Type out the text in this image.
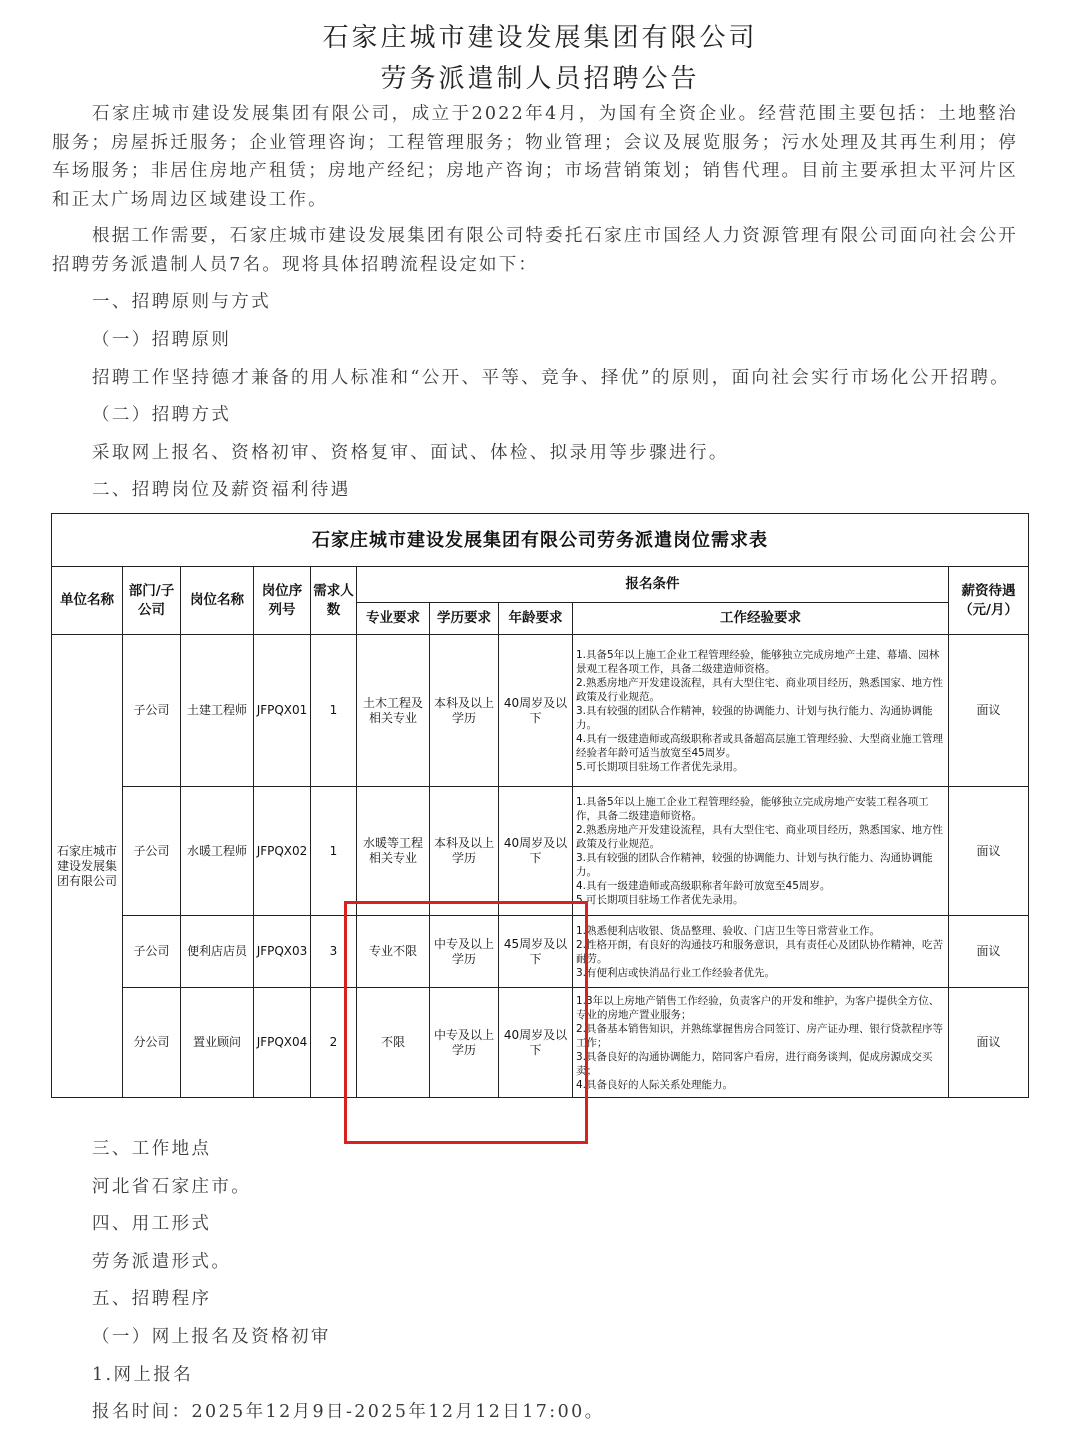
石家庄城市建设发展集团有限公司
劳务派遣制人员招聘公告
石家庄城市建设发展集团有限公司，成立于2022年4月，为国有全资企业。经营范围主要包括：土地整治服务；房屋拆迁服务；企业管理咨询；工程管理服务；物业管理；会议及展览服务；污水处理及其再生利用；停车场服务；非居住房地产租赁；房地产经纪；房地产咨询；市场营销策划；销售代理。目前主要承担太平河片区和正太广场周边区域建设工作。
根据工作需要，石家庄城市建设发展集团有限公司特委托石家庄市国经人力资源管理有限公司面向社会公开招聘劳务派遣制人员7名。现将具体招聘流程设定如下：
一、招聘原则与方式
（一）招聘原则
招聘工作坚持德才兼备的用人标准和“公开、平等、竞争、择优”的原则，面向社会实行市场化公开招聘。
（二）招聘方式
采取网上报名、资格初审、资格复审、面试、体检、拟录用等步骤进行。
二、招聘岗位及薪资福利待遇
石家庄城市建设发展集团有限公司劳务派遣岗位需求表									
单位名称	部门/子公司	岗位名称	岗位序列号	需求人数	报名条件				薪资待遇（元/月）
					专业要求	学历要求	年龄要求	工作经验要求	
石家庄城市建设发展集团有限公司	子公司	土建工程师	JFPQX01	1	土木工程及相关专业	本科及以上学历	40周岁及以下	1.具备5年以上施工企业工程管理经验，能够独立完成房地产土建、幕墙、园林景观工程各项工作，具备二级建造师资格。
2.熟悉房地产开发建设流程，具有大型住宅、商业项目经历，熟悉国家、地方性政策及行业规范。
3.具有较强的团队合作精神，较强的协调能力、计划与执行能力、沟通协调能力。
4.具有一级建造师或高级职称者或具备超高层施工管理经验、大型商业施工管理经验者年龄可适当放宽至45周岁。
5.可长期项目驻场工作者优先录用。	面议
	子公司	水暖工程师	JFPQX02	1	水暖等工程相关专业	本科及以上学历	40周岁及以下	1.具备5年以上施工企业工程管理经验，能够独立完成房地产安装工程各项工作，具备二级建造师资格。
2.熟悉房地产开发建设流程，具有大型住宅、商业项目经历，熟悉国家、地方性政策及行业规范。
3.具有较强的团队合作精神，较强的协调能力、计划与执行能力、沟通协调能力。
4.具有一级建造师或高级职称者年龄可放宽至45周岁。
5.可长期项目驻场工作者优先录用。	面议
	子公司	便利店店员	JFPQX03	3	专业不限	中专及以上学历	45周岁及以下	1.熟悉便利店收银、货品整理、验收、门店卫生等日常营业工作。
2.性格开朗，有良好的沟通技巧和服务意识，具有责任心及团队协作精神，吃苦耐劳。
3.有便利店或快消品行业工作经验者优先。	面议
	分公司	置业顾问	JFPQX04	2	不限	中专及以上学历	40周岁及以下	1.3年以上房地产销售工作经验，负责客户的开发和维护，为客户提供全方位、专业的房地产置业服务；
2.具备基本销售知识，并熟练掌握售房合同签订、房产证办理、银行贷款程序等工作；
3.具备良好的沟通协调能力，陪同客户看房，进行商务谈判，促成房源成交买卖；
4.具备良好的人际关系处理能力。	面议
三、工作地点
河北省石家庄市。
四、用工形式
劳务派遣形式。
五、招聘程序
（一）网上报名及资格初审
1.网上报名
报名时间：2025年12月9日-2025年12月12日17:00。
